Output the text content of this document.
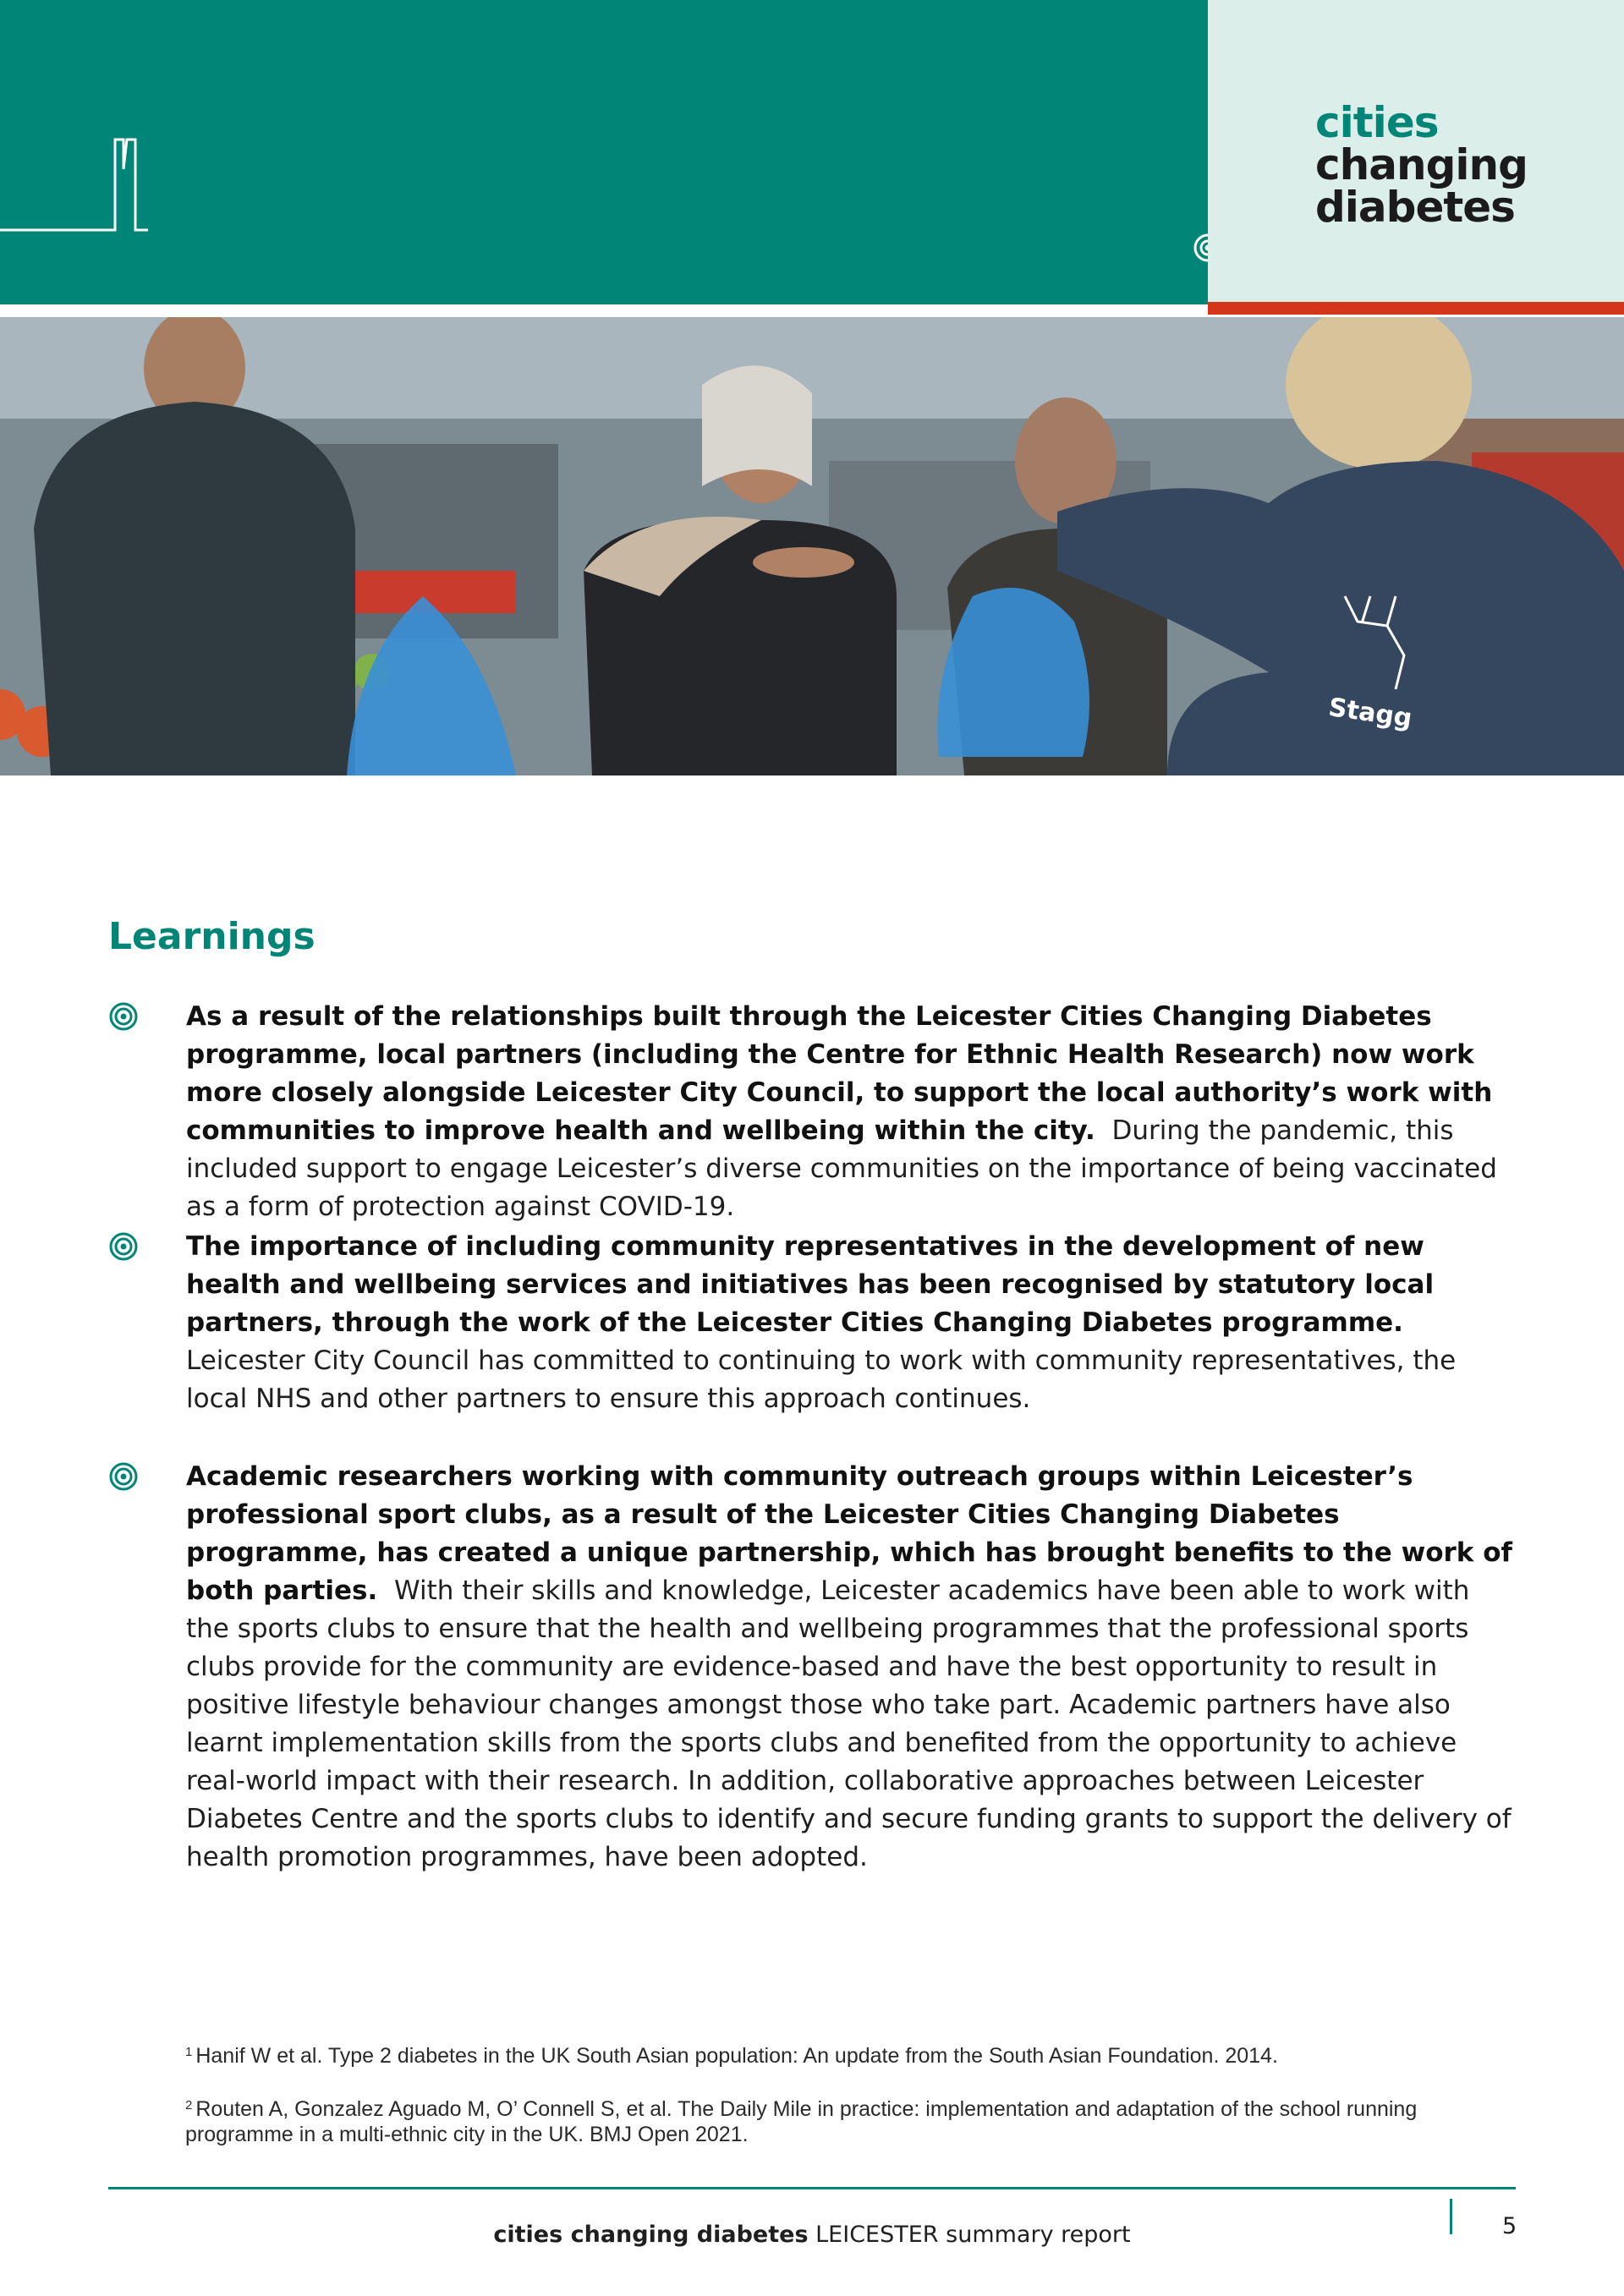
cities
changing
diabetes
Stagg
Learnings

As a result of the relationships built through the Leicester Cities Changing Diabetes programme, local partners (including the Centre for Ethnic Health Research) now work more closely alongside Leicester City Council, to support the local authority’s work with communities to improve health and wellbeing within the city. During the pandemic, this included support to engage Leicester’s diverse communities on the importance of being vaccinated as a form of protection against COVID-19.

The importance of including community representatives in the development of new health and wellbeing services and initiatives has been recognised by statutory local partners, through the work of the Leicester Cities Changing Diabetes programme.  Leicester City Council has committed to continuing to work with community representatives, the local NHS and other partners to ensure this approach continues.

Academic researchers working with community outreach groups within Leicester’s professional sport clubs, as a result of the Leicester Cities Changing Diabetes programme, has created a unique partnership, which has brought benefits to the work of both parties. With their skills and knowledge, Leicester academics have been able to work with the sports clubs to ensure that the health and wellbeing programmes that the professional sports clubs provide for the community are evidence-based and have the best opportunity to result in positive lifestyle behaviour changes amongst those who take part. Academic partners have also learnt implementation skills from the sports clubs and benefited from the opportunity to achieve real-world impact with their research. In addition, collaborative approaches between Leicester Diabetes Centre and the sports clubs to identify and secure funding grants to support the delivery of health promotion programmes, have been adopted.

$^1$ Hanif W et al. Type 2 diabetes in the UK South Asian population: An update from the South Asian Foundation. 2014.
$^2$ Routen A, Gonzalez Aguado M, O’ Connell S, et al. The Daily Mile in practice: implementation and adaptation of the school running programme in a multi-ethnic city in the UK. BMJ Open 2021.
cities changing diabetes LEICESTER summary report	5
